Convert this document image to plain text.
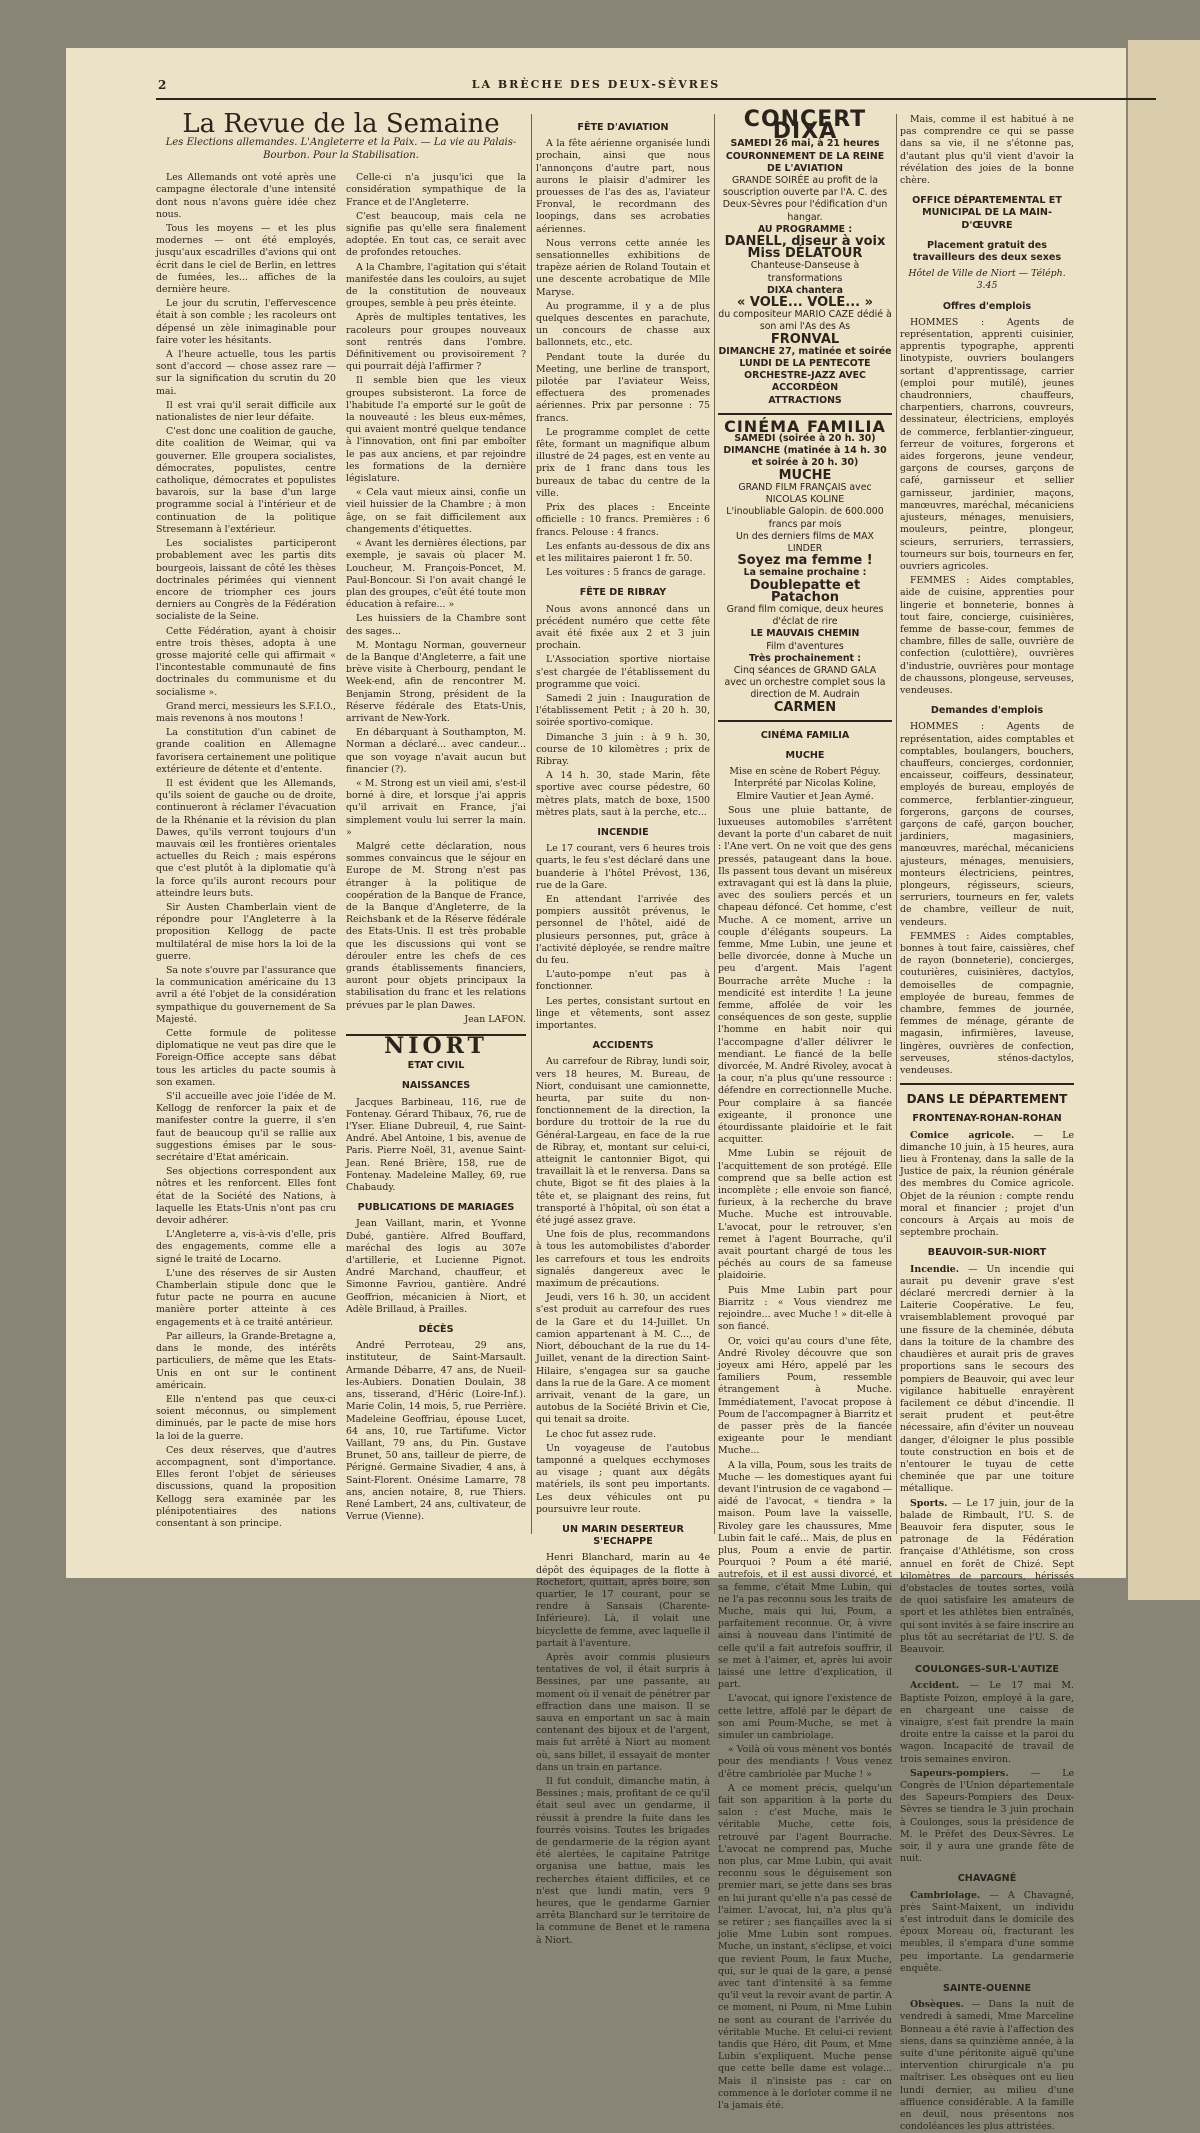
2	LA BRÈCHE DES DEUX-SÈVRES
La Revue de la Semaine
Les Elections allemandes. L'Angleterre et la Paix. — La vie au Palais-Bourbon. Pour la Stabilisation.

Les Allemands ont voté après une campagne électorale d'une intensité dont nous n'avons guère idée chez nous.

Tous les moyens — et les plus modernes — ont été employés, jusqu'aux escadrilles d'avions qui ont écrit dans le ciel de Berlin, en lettres de fumées, les... affiches de la dernière heure.

Le jour du scrutin, l'effervescence était à son comble ; les racoleurs ont dépensé un zèle inimaginable pour faire voter les hésitants.

A l'heure actuelle, tous les partis sont d'accord — chose assez rare — sur la signification du scrutin du 20 mai.

Il est vrai qu'il serait difficile aux nationalistes de nier leur défaite.

C'est donc une coalition de gauche, dite coalition de Weimar, qui va gouverner. Elle groupera socialistes, démocrates, populistes, centre catholique, démocrates et populistes bavarois, sur la base d'un large programme social à l'intérieur et de continuation de la politique Stresemann à l'extérieur.

Les socialistes participeront probablement avec les partis dits bourgeois, laissant de côté les thèses doctrinales périmées qui viennent encore de triompher ces jours derniers au Congrès de la Fédération socialiste de la Seine.

Cette Fédération, ayant à choisir entre trois thèses, adopta à une grosse majorité celle qui affirmait « l'incontestable communauté de fins doctrinales du communisme et du socialisme ».

Grand merci, messieurs les S.F.I.O., mais revenons à nos moutons !

La constitution d'un cabinet de grande coalition en Allemagne favorisera certainement une politique extérieure de détente et d'entente.

Il est évident que les Allemands, qu'ils soient de gauche ou de droite, continueront à réclamer l'évacuation de la Rhénanie et la révision du plan Dawes, qu'ils verront toujours d'un mauvais œil les frontières orientales actuelles du Reich ; mais espérons que c'est plutôt à la diplomatie qu'à la force qu'ils auront recours pour atteindre leurs buts.

Sir Austen Chamberlain vient de répondre pour l'Angleterre à la proposition Kellogg de pacte multilatéral de mise hors la loi de la guerre.

Sa note s'ouvre par l'assurance que la communication américaine du 13 avril a été l'objet de la considération sympathique du gouvernement de Sa Majesté.

Cette formule de politesse diplomatique ne veut pas dire que le Foreign-Office accepte sans débat tous les articles du pacte soumis à son examen.

S'il accueille avec joie l'idée de M. Kellogg de renforcer la paix et de manifester contre la guerre, il s'en faut de beaucoup qu'il se rallie aux suggestions émises par le sous-secrétaire d'Etat américain.

Ses objections correspondent aux nôtres et les renforcent. Elles font état de la Société des Nations, à laquelle les Etats-Unis n'ont pas cru devoir adhérer.

L'Angleterre a, vis-à-vis d'elle, pris des engagements, comme elle a signé le traité de Locarno.

L'une des réserves de sir Austen Chamberlain stipule donc que le futur pacte ne pourra en aucune manière porter atteinte à ces engagements et à ce traité antérieur.

Par ailleurs, la Grande-Bretagne a, dans le monde, des intérêts particuliers, de même que les Etats-Unis en ont sur le continent américain.

Elle n'entend pas que ceux-ci soient méconnus, ou simplement diminués, par le pacte de mise hors la loi de la guerre.

Ces deux réserves, que d'autres accompagnent, sont d'importance. Elles feront l'objet de sérieuses discussions, quand la proposition Kellogg sera examinée par les plénipotentiaires des nations consentant à son principe.

Celle-ci n'a jusqu'ici que la considération sympathique de la France et de l'Angleterre.

C'est beaucoup, mais cela ne signifie pas qu'elle sera finalement adoptée. En tout cas, ce serait avec de profondes retouches.

A la Chambre, l'agitation qui s'était manifestée dans les couloirs, au sujet de la constitution de nouveaux groupes, semble à peu près éteinte.

Après de multiples tentatives, les racoleurs pour groupes nouveaux sont rentrés dans l'ombre. Définitivement ou provisoirement ? qui pourrait déjà l'affirmer ?

Il semble bien que les vieux groupes subsisteront. La force de l'habitude l'a emporté sur le goût de la nouveauté : les bleus eux-mêmes, qui avaient montré quelque tendance à l'innovation, ont fini par emboîter le pas aux anciens, et par rejoindre les formations de la dernière législature.

« Cela vaut mieux ainsi, confie un vieil huissier de la Chambre ; à mon âge, on se fait difficilement aux changements d'étiquettes.

« Avant les dernières élections, par exemple, je savais où placer M. Loucheur, M. François-Poncet, M. Paul-Boncour. Si l'on avait changé le plan des groupes, c'eût été toute mon éducation à refaire... »

Les huissiers de la Chambre sont des sages...

M. Montagu Norman, gouverneur de la Banque d'Angleterre, a fait une brève visite à Cherbourg, pendant le Week-end, afin de rencontrer M. Benjamin Strong, président de la Réserve fédérale des Etats-Unis, arrivant de New-York.

En débarquant à Southampton, M. Norman a déclaré... avec candeur... que son voyage n'avait aucun but financier (?).

« M. Strong est un vieil ami, s'est-il borné à dire, et lorsque j'ai appris qu'il arrivait en France, j'ai simplement voulu lui serrer la main. »

Malgré cette déclaration, nous sommes convaincus que le séjour en Europe de M. Strong n'est pas étranger à la politique de coopération de la Banque de France, de la Banque d'Angleterre, de la Reichsbank et de la Réserve fédérale des Etats-Unis. Il est très probable que les discussions qui vont se dérouler entre les chefs de ces grands établissements financiers, auront pour objets principaux la stabilisation du franc et les relations prévues par le plan Dawes.

Jean LAFON.

NIORT
ETAT CIVIL
NAISSANCES

Jacques Barbineau, 116, rue de Fontenay. Gérard Thibaux, 76, rue de l'Yser. Eliane Dubreuil, 4, rue Saint-André. Abel Antoine, 1 bis, avenue de Paris. Pierre Noël, 31, avenue Saint-Jean. René Brière, 158, rue de Fontenay. Madeleine Malley, 69, rue Chabaudy.

PUBLICATIONS DE MARIAGES

Jean Vaillant, marin, et Yvonne Dubé, gantière. Alfred Bouffard, maréchal des logis au 307e d'artillerie, et Lucienne Pignot. André Marchand, chauffeur, et Simonne Favriou, gantière. André Geoffrion, mécanicien à Niort, et Adèle Brillaud, à Prailles.

DÉCÈS

André Perroteau, 29 ans, instituteur, de Saint-Marsault. Armande Débarre, 47 ans, de Nueil-les-Aubiers. Donatien Doulain, 38 ans, tisserand, d'Héric (Loire-Inf.). Marie Colin, 14 mois, 5, rue Perrière. Madeleine Geoffriau, épouse Lucet, 64 ans, 10, rue Tartifume. Victor Vaillant, 79 ans, du Pin. Gustave Brunet, 50 ans, tailleur de pierre, de Périgné. Germaine Sivadier, 4 ans, à Saint-Florent. Onésime Lamarre, 78 ans, ancien notaire, 8, rue Thiers. René Lambert, 24 ans, cultivateur, de Verrue (Vienne).

FÊTE D'AVIATION

A la fête aérienne organisée lundi prochain, ainsi que nous l'annonçons d'autre part, nous aurons le plaisir d'admirer les prouesses de l'as des as, l'aviateur Fronval, le recordmann des loopings, dans ses acrobaties aériennes.

Nous verrons cette année les sensationnelles exhibitions de trapèze aérien de Roland Toutain et une descente acrobatique de Mlle Maryse.

Au programme, il y a de plus quelques descentes en parachute, un concours de chasse aux ballonnets, etc., etc.

Pendant toute la durée du Meeting, une berline de transport, pilotée par l'aviateur Weiss, effectuera des promenades aériennes. Prix par personne : 75 francs.

Le programme complet de cette fête, formant un magnifique album illustré de 24 pages, est en vente au prix de 1 franc dans tous les bureaux de tabac du centre de la ville.

Prix des places : Enceinte officielle : 10 francs. Premières : 6 francs. Pelouse : 4 francs.

Les enfants au-dessous de dix ans et les militaires paieront 1 fr. 50.

Les voitures : 5 francs de garage.

FÊTE DE RIBRAY

Nous avons annoncé dans un précédent numéro que cette fête avait été fixée aux 2 et 3 juin prochain.

L'Association sportive niortaise s'est chargée de l'établissement du programme que voici.

Samedi 2 juin : Inauguration de l'établissement Petit ; à 20 h. 30, soirée sportivo-comique.

Dimanche 3 juin : à 9 h. 30, course de 10 kilomètres ; prix de Ribray.

A 14 h. 30, stade Marin, fête sportive avec course pédestre, 60 mètres plats, match de boxe, 1500 mètres plats, saut à la perche, etc...

INCENDIE

Le 17 courant, vers 6 heures trois quarts, le feu s'est déclaré dans une buanderie à l'hôtel Prévost, 136, rue de la Gare.

En attendant l'arrivée des pompiers aussitôt prévenus, le personnel de l'hôtel, aidé de plusieurs personnes, put, grâce à l'activité déployée, se rendre maître du feu.

L'auto-pompe n'eut pas à fonctionner.

Les pertes, consistant surtout en linge et vêtements, sont assez importantes.

ACCIDENTS

Au carrefour de Ribray, lundi soir, vers 18 heures, M. Bureau, de Niort, conduisant une camionnette, heurta, par suite du non-fonctionnement de la direction, la bordure du trottoir de la rue du Général-Largeau, en face de la rue de Ribray, et, montant sur celui-ci, atteignit le cantonnier Bigot, qui travaillait là et le renversa. Dans sa chute, Bigot se fit des plaies à la tête et, se plaignant des reins, fut transporté à l'hôpital, où son état a été jugé assez grave.

Une fois de plus, recommandons à tous les automobilistes d'aborder les carrefours et tous les endroits signalés dangereux avec le maximum de précautions.

Jeudi, vers 16 h. 30, un accident s'est produit au carrefour des rues de la Gare et du 14-Juillet. Un camion appartenant à M. C..., de Niort, débouchant de la rue du 14-Juillet, venant de la direction Saint-Hilaire, s'engagea sur sa gauche dans la rue de la Gare. A ce moment arrivait, venant de la gare, un autobus de la Société Brivin et Cie, qui tenait sa droite.

Le choc fut assez rude.

Un voyageuse de l'autobus tamponné a quelques ecchymoses au visage ; quant aux dégâts matériels, ils sont peu importants. Les deux véhicules ont pu poursuivre leur route.

UN MARIN DESERTEUR S'ECHAPPE

Henri Blanchard, marin au 4e dépôt des équipages de la flotte à Rochefort, quittait, après boire, son quartier, le 17 courant, pour se rendre à Sansais (Charente-Inférieure). Là, il volait une bicyclette de femme, avec laquelle il partait à l'aventure.

Après avoir commis plusieurs tentatives de vol, il était surpris à Bessines, par une passante, au moment où il venait de pénétrer par effraction dans une maison. Il se sauva en emportant un sac à main contenant des bijoux et de l'argent, mais fut arrêté à Niort au moment où, sans billet, il essayait de monter dans un train en partance.

Il fut conduit, dimanche matin, à Bessines ; mais, profitant de ce qu'il était seul avec un gendarme, il réussit à prendre la fuite dans les fourrés voisins. Toutes les brigades de gendarmerie de la région ayant été alertées, le capitaine Patritge organisa une battue, mais les recherches étaient difficiles, et ce n'est que lundi matin, vers 9 heures, que le gendarme Garnier arrêta Blanchard sur le territoire de la commune de Benet et le ramena à Niort.

CONCERT DIXA
SAMEDI 26 mai, à 21 heures
COURONNEMENT DE LA REINE DE L'AVIATION
GRANDE SOIRÉE au profit de la souscription ouverte par l'A. C. des Deux-Sèvres pour l'édification d'un hangar.
AU PROGRAMME :
DANELL, diseur à voix
Miss DÉLATOUR
Chanteuse-Danseuse à transformations
DIXA chantera
« VOLE... VOLE... »
du compositeur MARIO CAZE dédié à son ami l'As des As
FRONVAL
DIMANCHE 27, matinée et soirée
LUNDI DE LA PENTECOTE
ORCHESTRE-JAZZ AVEC ACCORDÉON
ATTRACTIONS
CINÉMA FAMILIA
SAMEDI (soirée à 20 h. 30)
DIMANCHE (matinée à 14 h. 30 et soirée à 20 h. 30)
MUCHE
GRAND FILM FRANÇAIS avec NICOLAS KOLINE
L'inoubliable Galopin. de 600.000 francs par mois
Un des derniers films de MAX LINDER
Soyez ma femme !
La semaine prochaine :
Doublepatte et Patachon
Grand film comique, deux heures d'éclat de rire
LE MAUVAIS CHEMIN
Film d'aventures
Très prochainement :
Cinq séances de GRAND GALA
avec un orchestre complet sous la direction de M. Audrain
CARMEN
CINÉMA FAMILIA
MUCHE

Mise en scène de Robert Péguy. Interprété par Nicolas Koline, Elmire Vautier et Jean Aymé.

Sous une pluie battante, de luxueuses automobiles s'arrêtent devant la porte d'un cabaret de nuit : l'Ane vert. On ne voit que des gens pressés, pataugeant dans la boue. Ils passent tous devant un miséreux extravagant qui est là dans la pluie, avec des souliers percés et un chapeau défoncé. Cet homme, c'est Muche. A ce moment, arrive un couple d'élégants soupeurs. La femme, Mme Lubin, une jeune et belle divorcée, donne à Muche un peu d'argent. Mais l'agent Bourrache arrête Muche : la mendicité est interdite ! La jeune femme, affolée de voir les conséquences de son geste, supplie l'homme en habit noir qui l'accompagne d'aller délivrer le mendiant. Le fiancé de la belle divorcée, M. André Rivoley, avocat à la cour, n'a plus qu'une ressource : défendre en correctionnelle Muche. Pour complaire à sa fiancée exigeante, il prononce une étourdissante plaidoirie et le fait acquitter.

Mme Lubin se réjouit de l'acquittement de son protégé. Elle comprend que sa belle action est incomplète ; elle envoie son fiancé, furieux, à la recherche du brave Muche. Muche est introuvable. L'avocat, pour le retrouver, s'en remet à l'agent Bourrache, qu'il avait pourtant chargé de tous les péchés au cours de sa fameuse plaidoirie.

Puis Mme Lubin part pour Biarritz : « Vous viendrez me rejoindre... avec Muche ! » dit-elle à son fiancé.

Or, voici qu'au cours d'une fête, André Rivoley découvre que son joyeux ami Héro, appelé par les familiers Poum, ressemble étrangement à Muche. Immédiatement, l'avocat propose à Poum de l'accompagner à Biarritz et de passer près de la fiancée exigeante pour le mendiant Muche...

A la villa, Poum, sous les traits de Muche — les domestiques ayant fui devant l'intrusion de ce vagabond — aidé de l'avocat, « tiendra » la maison. Poum lave la vaisselle, Rivoley gare les chaussures, Mme Lubin fait le café... Mais, de plus en plus, Poum a envie de partir. Pourquoi ? Poum a été marié, autrefois, et il est aussi divorcé, et sa femme, c'était Mme Lubin, qui ne l'a pas reconnu sous les traits de Muche, mais qui lui, Poum, a parfaitement reconnue. Or, à vivre ainsi à nouveau dans l'intimité de celle qu'il a fait autrefois souffrir, il se met à l'aimer, et, après lui avoir laissé une lettre d'explication, il part.

L'avocat, qui ignore l'existence de cette lettre, affolé par le départ de son ami Poum-Muche, se met à simuler un cambriolage.

« Voilà où vous mènent vos bontés pour des mendiants ! Vous venez d'être cambriolée par Muche ! »

A ce moment précis, quelqu'un fait son apparition à la porte du salon : c'est Muche, mais le véritable Muche, cette fois, retrouvé par l'agent Bourrache. L'avocat ne comprend pas, Muche non plus, car Mme Lubin, qui avait reconnu sous le déguisement son premier mari, se jette dans ses bras en lui jurant qu'elle n'a pas cessé de l'aimer. L'avocat, lui, n'a plus qu'à se retirer ; ses fiançailles avec la si jolie Mme Lubin sont rompues. Muche, un instant, s'éclipse, et voici que revient Poum, le faux Muche, qui, sur le quai de la gare, a pensé avec tant d'intensité à sa femme qu'il veut la revoir avant de partir. A ce moment, ni Poum, ni Mme Lubin ne sont au courant de l'arrivée du véritable Muche. Et celui-ci revient tandis que Héro, dit Poum, et Mme Lubin s'expliquent. Muche pense que cette belle dame est volage... Mais il n'insiste pas : car on commence à le dorloter comme il ne l'a jamais été.

Mais, comme il est habitué à ne pas comprendre ce qui se passe dans sa vie, il ne s'étonne pas, d'autant plus qu'il vient d'avoir la révélation des joies de la bonne chère.

OFFICE DÉPARTEMENTAL ET MUNICIPAL DE LA MAIN-D'ŒUVRE
Placement gratuit des travailleurs des deux sexes

Hôtel de Ville de Niort — Téléph. 3.45

Offres d'emplois

HOMMES : Agents de représentation, apprenti cuisinier, apprentis typographe, apprenti linotypiste, ouvriers boulangers sortant d'apprentissage, carrier (emploi pour mutilé), jeunes chaudronniers, chauffeurs, charpentiers, charrons, couvreurs, dessinateur, électriciens, employés de commerce, ferblantier-zingueur, ferreur de voitures, forgerons et aides forgerons, jeune vendeur, garçons de courses, garçons de café, garnisseur et sellier garnisseur, jardinier, maçons, manœuvres, maréchal, mécaniciens ajusteurs, ménages, menuisiers, mouleurs, peintre, plongeur, scieurs, serruriers, terrassiers, tourneurs sur bois, tourneurs en fer, ouvriers agricoles.

FEMMES : Aides comptables, aide de cuisine, apprenties pour lingerie et bonneterie, bonnes à tout faire, concierge, cuisinières, femme de basse-cour, femmes de chambre, filles de salle, ouvrière de confection (culottière), ouvrières d'industrie, ouvrières pour montage de chaussons, plongeuse, serveuses, vendeuses.

Demandes d'emplois

HOMMES : Agents de représentation, aides comptables et comptables, boulangers, bouchers, chauffeurs, concierges, cordonnier, encaisseur, coiffeurs, dessinateur, employés de bureau, employés de commerce, ferblantier-zingueur, forgerons, garçons de courses, garçons de café, garçon boucher, jardiniers, magasiniers, manœuvres, maréchal, mécaniciens ajusteurs, ménages, menuisiers, monteurs électriciens, peintres, plongeurs, régisseurs, scieurs, serruriers, tourneurs en fer, valets de chambre, veilleur de nuit, vendeurs.

FEMMES : Aides comptables, bonnes à tout faire, caissières, chef de rayon (bonneterie), concierges, couturières, cuisinières, dactylos, demoiselles de compagnie, employée de bureau, femmes de chambre, femmes de journée, femmes de ménage, gérante de magasin, infirmières, laveuse, lingères, ouvrières de confection, serveuses, sténos-dactylos, vendeuses.

DANS LE DÉPARTEMENT
FRONTENAY-ROHAN-ROHAN

Comice agricole. — Le dimanche 10 juin, à 15 heures, aura lieu à Frontenay, dans la salle de la Justice de paix, la réunion générale des membres du Comice agricole. Objet de la réunion : compte rendu moral et financier ; projet d'un concours à Arçais au mois de septembre prochain.

BEAUVOIR-SUR-NIORT

Incendie. — Un incendie qui aurait pu devenir grave s'est déclaré mercredi dernier à la Laiterie Coopérative. Le feu, vraisemblablement provoqué par une fissure de la cheminée, débuta dans la toiture de la chambre des chaudières et aurait pris de graves proportions sans le secours des pompiers de Beauvoir, qui avec leur vigilance habituelle enrayèrent facilement ce début d'incendie. Il serait prudent et peut-être nécessaire, afin d'éviter un nouveau danger, d'éloigner le plus possible toute construction en bois et de n'entourer le tuyau de cette cheminée que par une toiture métallique.

Sports. — Le 17 juin, jour de la balade de Rimbault, l'U. S. de Beauvoir fera disputer, sous le patronage de la Fédération française d'Athlétisme, son cross annuel en forêt de Chizé. Sept kilomètres de parcours, hérissés d'obstacles de toutes sortes, voilà de quoi satisfaire les amateurs de sport et les athlètes bien entraînés, qui sont invités à se faire inscrire au plus tôt au secrétariat de l'U. S. de Beauvoir.

COULONGES-SUR-L'AUTIZE

Accident. — Le 17 mai M. Baptiste Poizon, employé à la gare, en chargeant une caisse de vinaigre, s'est fait prendre la main droite entre la caisse et la paroi du wagon. Incapacité de travail de trois semaines environ.

Sapeurs-pompiers. — Le Congrès de l'Union départementale des Sapeurs-Pompiers des Deux-Sèvres se tiendra le 3 juin prochain à Coulonges, sous la présidence de M. le Préfet des Deux-Sèvres. Le soir, il y aura une grande fête de nuit.

CHAVAGNÉ

Cambriolage. — A Chavagné, près Saint-Maixent, un individu s'est introduit dans le domicile des époux Moreau où, fracturant les meubles, il s'empara d'une somme peu importante. La gendarmerie enquête.

SAINTE-OUENNE

Obsèques. — Dans la nuit de vendredi à samedi, Mme Marceline Bonneau a été ravie à l'affection des siens, dans sa quinzième année, à la suite d'une péritonite aiguë qu'une intervention chirurgicale n'a pu maîtriser. Les obsèques ont eu lieu lundi dernier, au milieu d'une affluence considérable. A la famille en deuil, nous présentons nos condoléances les plus attristées.
